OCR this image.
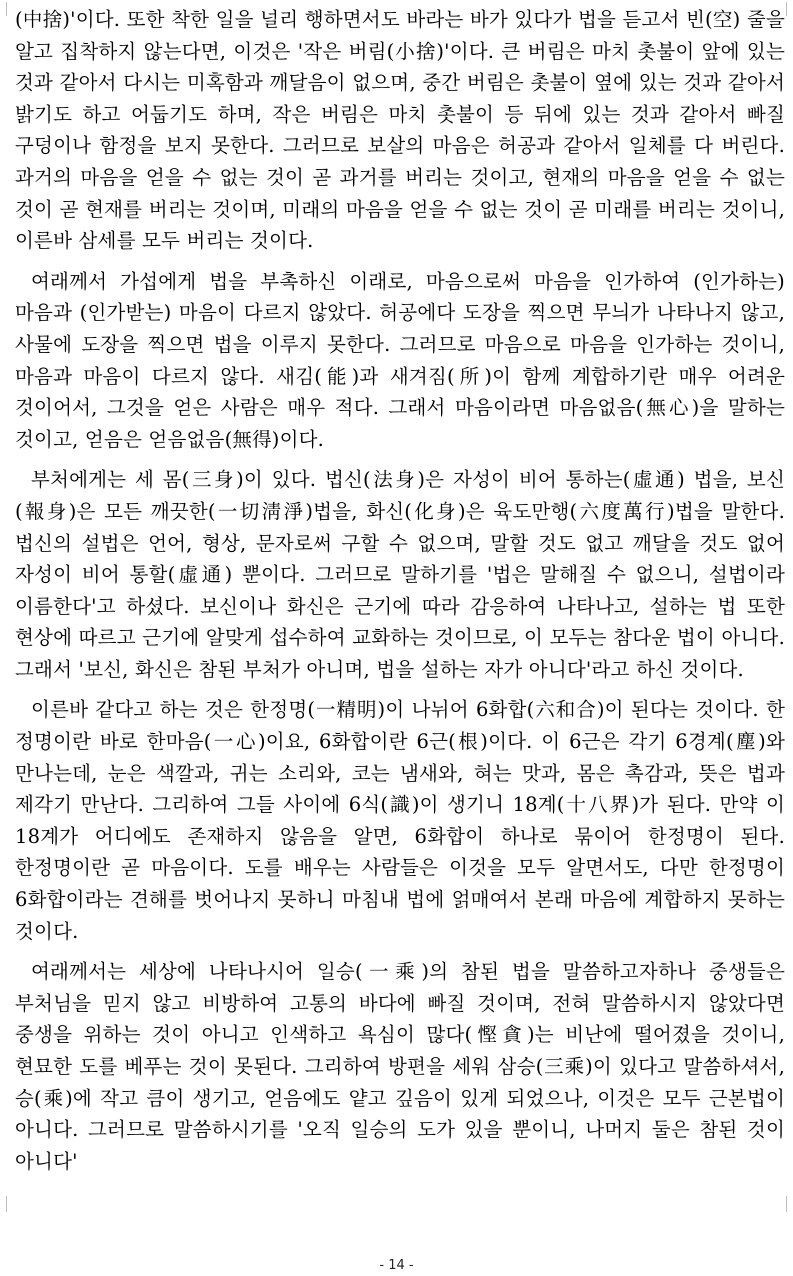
(中捨)'이다. 또한 착한 일을 널리 행하면서도 바라는 바가 있다가 법을 듣고서 빈(空) 줄을 알고 집착하지 않는다면, 이것은 '작은 버림(小捨)'이다. 큰 버림은 마치 촛불이 앞에 있는 것과 같아서 다시는 미혹함과 깨달음이 없으며, 중간 버림은 촛불이 옆에 있는 것과 같아서 밝기도 하고 어둡기도 하며, 작은 버림은 마치 촛불이 등 뒤에 있는 것과 같아서 빠질 구덩이나 함정을 보지 못한다. 그러므로 보살의 마음은 허공과 같아서 일체를 다 버린다. 과거의 마음을 얻을 수 없는 것이 곧 과거를 버리는 것이고, 현재의 마음을 얻을 수 없는 것이 곧 현재를 버리는 것이며, 미래의 마음을 얻을 수 없는 것이 곧 미래를 버리는 것이니, 이른바 삼세를 모두 버리는 것이다.

여래께서 가섭에게 법을 부촉하신 이래로, 마음으로써 마음을 인가하여 (인가하는) 마음과 (인가받는) 마음이 다르지 않았다. 허공에다 도장을 찍으면 무늬가 나타나지 않고, 사물에 도장을 찍으면 법을 이루지 못한다. 그러므로 마음으로 마음을 인가하는 것이니, 마음과 마음이 다르지 않다. 새김(能)과 새겨짐(所)이 함께 계합하기란 매우 어려운 것이어서, 그것을 얻은 사람은 매우 적다. 그래서 마음이라면 마음없음(無心)을 말하는 것이고, 얻음은 얻음없음(無得)이다.

부처에게는 세 몸(三身)이 있다. 법신(法身)은 자성이 비어 통하는(虛通) 법을, 보신(報身)은 모든 깨끗한(一切淸淨)법을, 화신(化身)은 육도만행(六度萬行)법을 말한다. 법신의 설법은 언어, 형상, 문자로써 구할 수 없으며, 말할 것도 없고 깨달을 것도 없어 자성이 비어 통할(虛通) 뿐이다. 그러므로 말하기를 '법은 말해질 수 없으니, 설법이라 이름한다'고 하셨다. 보신이나 화신은 근기에 따라 감응하여 나타나고, 설하는 법 또한 현상에 따르고 근기에 알맞게 섭수하여 교화하는 것이므로, 이 모두는 참다운 법이 아니다. 그래서 '보신, 화신은 참된 부처가 아니며, 법을 설하는 자가 아니다'라고 하신 것이다.

이른바 같다고 하는 것은 한정명(一精明)이 나뉘어 6화합(六和合)이 된다는 것이다. 한 정명이란 바로 한마음(一心)이요, 6화합이란 6근(根)이다. 이 6근은 각기 6경계(塵)와 만나는데, 눈은 색깔과, 귀는 소리와, 코는 냄새와, 혀는 맛과, 몸은 촉감과, 뜻은 법과 제각기 만난다. 그리하여 그들 사이에 6식(識)이 생기니 18계(十八界)가 된다. 만약 이 18계가 어디에도 존재하지 않음을 알면, 6화합이 하나로 묶이어 한정명이 된다. 한정명이란 곧 마음이다. 도를 배우는 사람들은 이것을 모두 알면서도, 다만 한정명이 6화합이라는 견해를 벗어나지 못하니 마침내 법에 얽매여서 본래 마음에 계합하지 못하는 것이다.

여래께서는 세상에 나타나시어 일승(一乘)의 참된 법을 말씀하고자하나 중생들은 부처님을 믿지 않고 비방하여 고통의 바다에 빠질 것이며, 전혀 말씀하시지 않았다면 중생을 위하는 것이 아니고 인색하고 욕심이 많다(慳貪)는 비난에 떨어졌을 것이니, 현묘한 도를 베푸는 것이 못된다. 그리하여 방편을 세워 삼승(三乘)이 있다고 말씀하셔서, 승(乘)에 작고 큼이 생기고, 얻음에도 얕고 깊음이 있게 되었으나, 이것은 모두 근본법이 아니다. 그러므로 말씀하시기를 '오직 일승의 도가 있을 뿐이니, 나머지 둘은 참된 것이 아니다'

- 14 -
